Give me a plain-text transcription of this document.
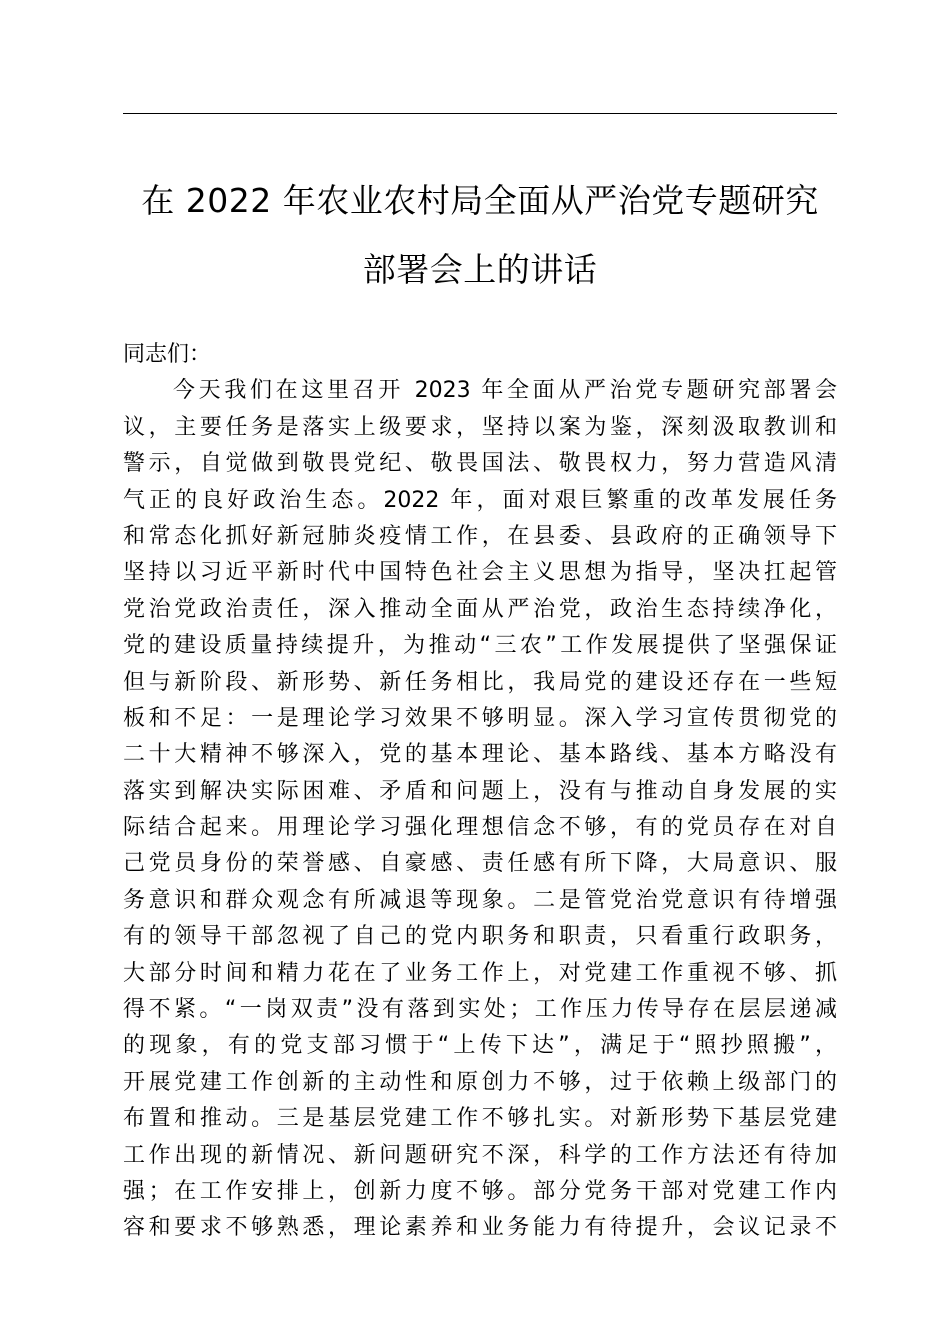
在 2022 年农业农村局全面从严治党专题研究
部署会上的讲话
同志们：
今天我们在这里召开 2023 年全面从严治党专题研究部署会
议，主要任务是落实上级要求，坚持以案为鉴，深刻汲取教训和
警示，自觉做到敬畏党纪、敬畏国法、敬畏权力，努力营造风清
气正的良好政治生态。2022 年，面对艰巨繁重的改革发展任务
和常态化抓好新冠肺炎疫情工作，在县委、县政府的正确领导下
坚持以习近平新时代中国特色社会主义思想为指导，坚决扛起管
党治党政治责任，深入推动全面从严治党，政治生态持续净化，
党的建设质量持续提升，为推动“三农”工作发展提供了坚强保证
但与新阶段、新形势、新任务相比，我局党的建设还存在一些短
板和不足：一是理论学习效果不够明显。深入学习宣传贯彻党的
二十大精神不够深入，党的基本理论、基本路线、基本方略没有
落实到解决实际困难、矛盾和问题上，没有与推动自身发展的实
际结合起来。用理论学习强化理想信念不够，有的党员存在对自
己党员身份的荣誉感、自豪感、责任感有所下降，大局意识、服
务意识和群众观念有所减退等现象。二是管党治党意识有待增强
有的领导干部忽视了自己的党内职务和职责，只看重行政职务，
大部分时间和精力花在了业务工作上，对党建工作重视不够、抓
得不紧。“一岗双责”没有落到实处；工作压力传导存在层层递减
的现象，有的党支部习惯于“上传下达”，满足于“照抄照搬”，
开展党建工作创新的主动性和原创力不够，过于依赖上级部门的
布置和推动。三是基层党建工作不够扎实。对新形势下基层党建
工作出现的新情况、新问题研究不深，科学的工作方法还有待加
强；在工作安排上，创新力度不够。部分党务干部对党建工作内
容和要求不够熟悉，理论素养和业务能力有待提升，会议记录不
